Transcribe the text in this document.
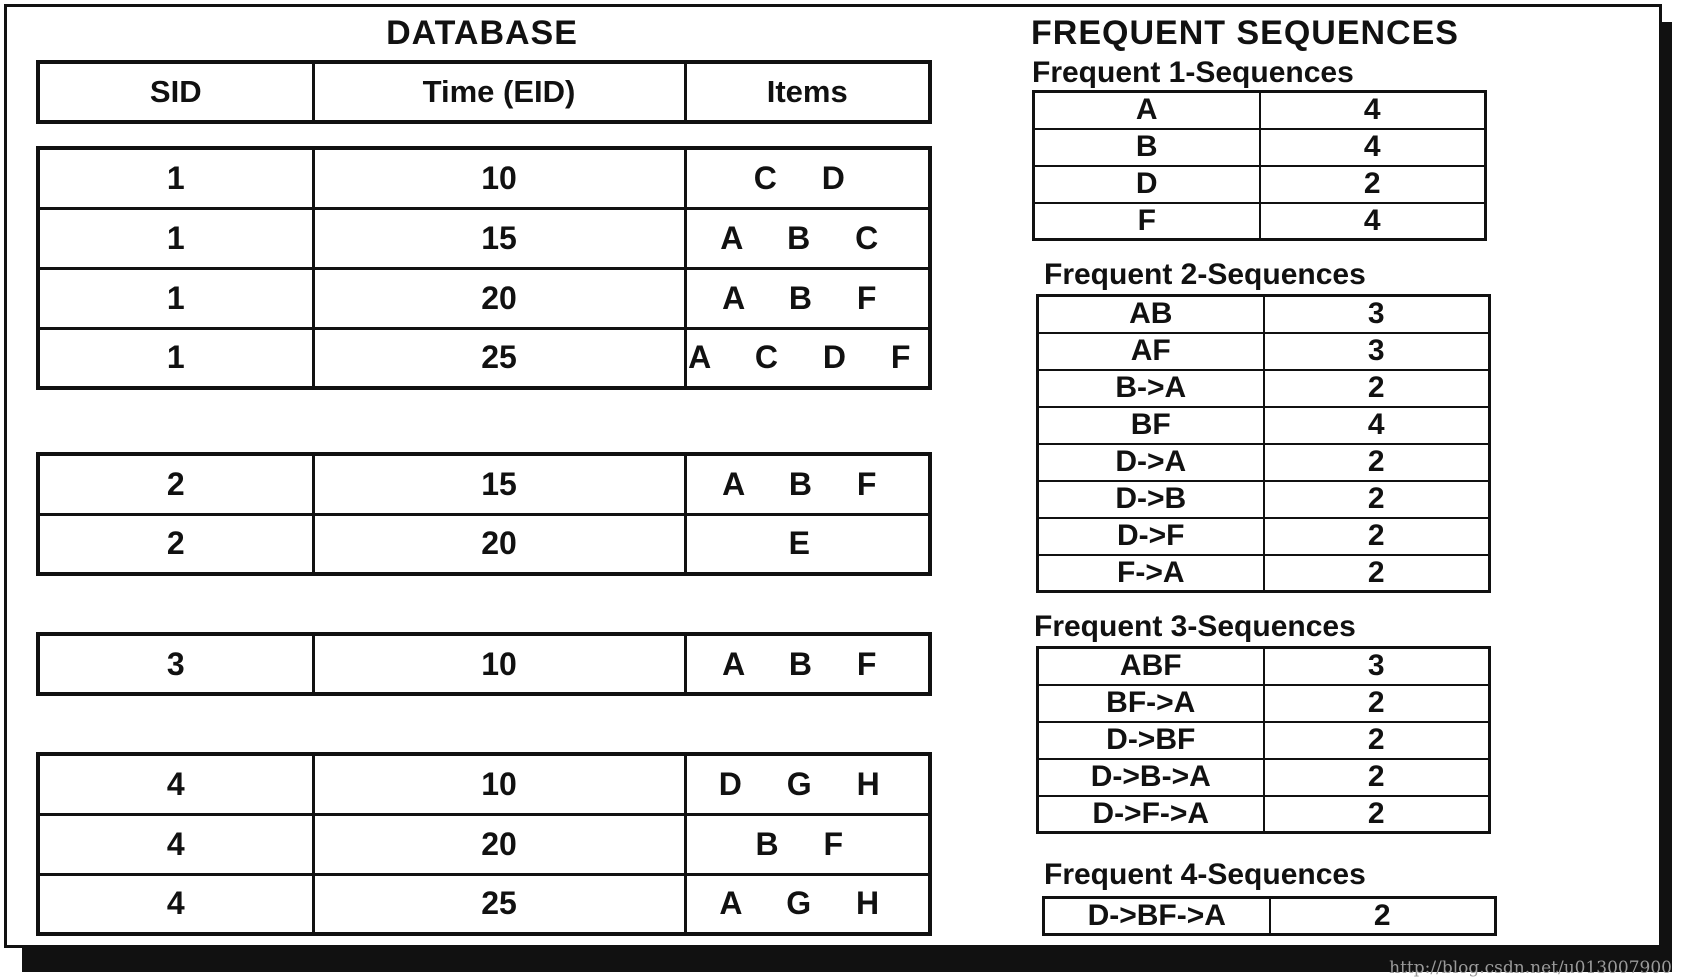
DATABASE	FREQUENT SEQUENCES
SID	Time (EID)	Items
1	10	C D
1	15	A B C
1	20	A B F
1	25	A C D F
2	15	A B F
2	20	E
3	10	A B F
4	10	D G H
4	20	B F
4	25	A G H
Frequent 1-Sequences
A	4
B	4
D	2
F	4
Frequent 2-Sequences
AB	3
AF	3
B->A	2
BF	4
D->A	2
D->B	2
D->F	2
F->A	2
Frequent 3-Sequences
ABF	3
BF->A	2
D->BF	2
D->B->A	2
D->F->A	2
Frequent 4-Sequences
D->BF->A	2
http://blog.csdn.net/u013007900
